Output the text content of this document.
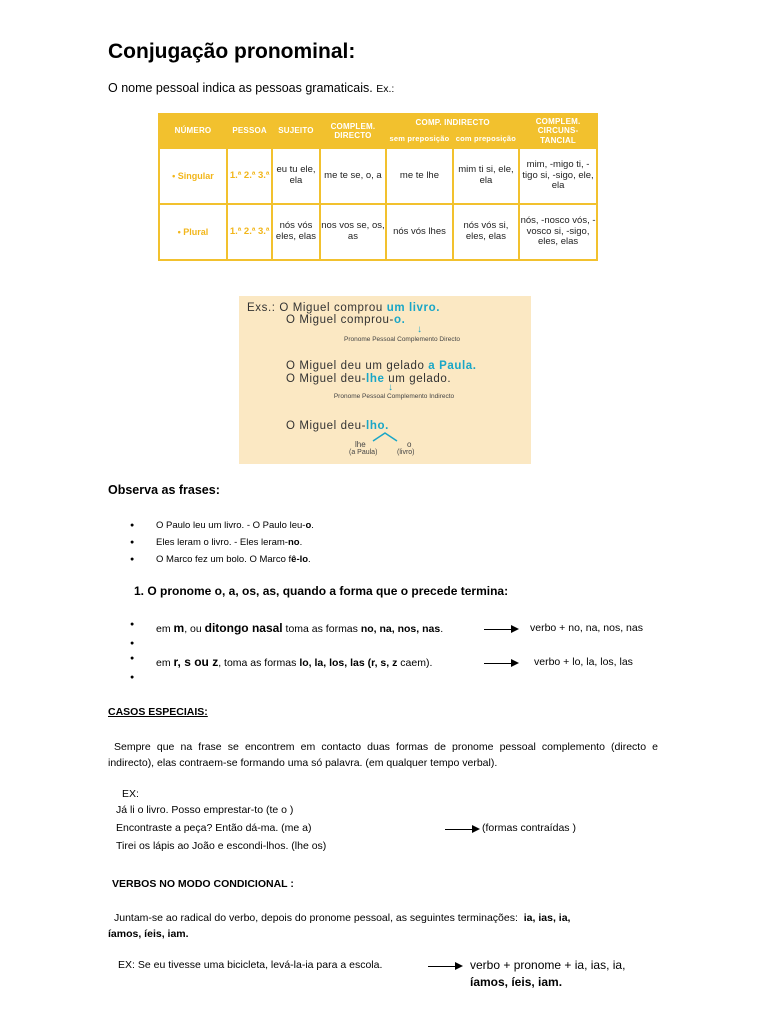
Conjugação pronominal:
O nome pessoal indica as pessoas gramaticais. Ex.:
NÚMERO	PESSOA	SUJEITO	COMPLEM. DIRECTO	COMP. INDIRECTO		COMPLEM. CIRCUNS-TANCIAL
				sem preposição	com preposição	
• Singular	1.ª 2.ª 3.ª	eu tu ele, ela	me te se, o, a	me te lhe	mim ti si, ele, ela	mim, -migo ti, -tigo si, -sigo, ele, ela
• Plural	1.ª 2.ª 3.ª	nós vós eles, elas	nos vos se, os, as	nós vós lhes	nós vós si, eles, elas	nós, -nosco vós, -vosco si, -sigo, eles, elas
Exs.: O Miguel comprou um livro.
O Miguel comprou-o.
↓
Pronome Pessoal Complemento Directo
O Miguel deu um gelado a Paula.
O Miguel deu-lhe um gelado.
↓
Pronome Pessoal Complemento Indirecto
O Miguel deu-lho.
lhe	o
(a Paula)	(livro)
Observa as frases:
● O Paulo leu um livro. - O Paulo leu-o.
● Eles leram o livro. - Eles leram-no.
● O Marco fez um bolo. O Marco fê-lo.
1. O pronome o, a, os, as, quando a forma que o precede termina:
● em m, ou ditongo nasal toma as formas no, na, nos, nas.	verbo + no, na, nos, nas
●
● em r, s ou z, toma as formas lo, la, los, las (r, s, z caem).	verbo + lo, la, los, las
●
CASOS ESPECIAIS:
Sempre que na frase se encontrem em contacto duas formas de pronome pessoal complemento (directo e indirecto), elas contraem-se formando uma só palavra. (em qualquer tempo verbal).
EX:
Já li o livro. Posso emprestar-to (te o )
Encontraste a peça? Então dá-ma. (me a)
Tirei os lápis ao João e escondi-lhos. (lhe os)
(formas contraídas )
VERBOS NO MODO CONDICIONAL :
Juntam-se ao radical do verbo, depois do pronome pessoal, as seguintes terminações: ia, ias, ia,
íamos, íeis, iam.
EX: Se eu tivesse uma bicicleta, levá-la-ia para a escola.	verbo + pronome + ia, ias, ia,
íamos, íeis, iam.
